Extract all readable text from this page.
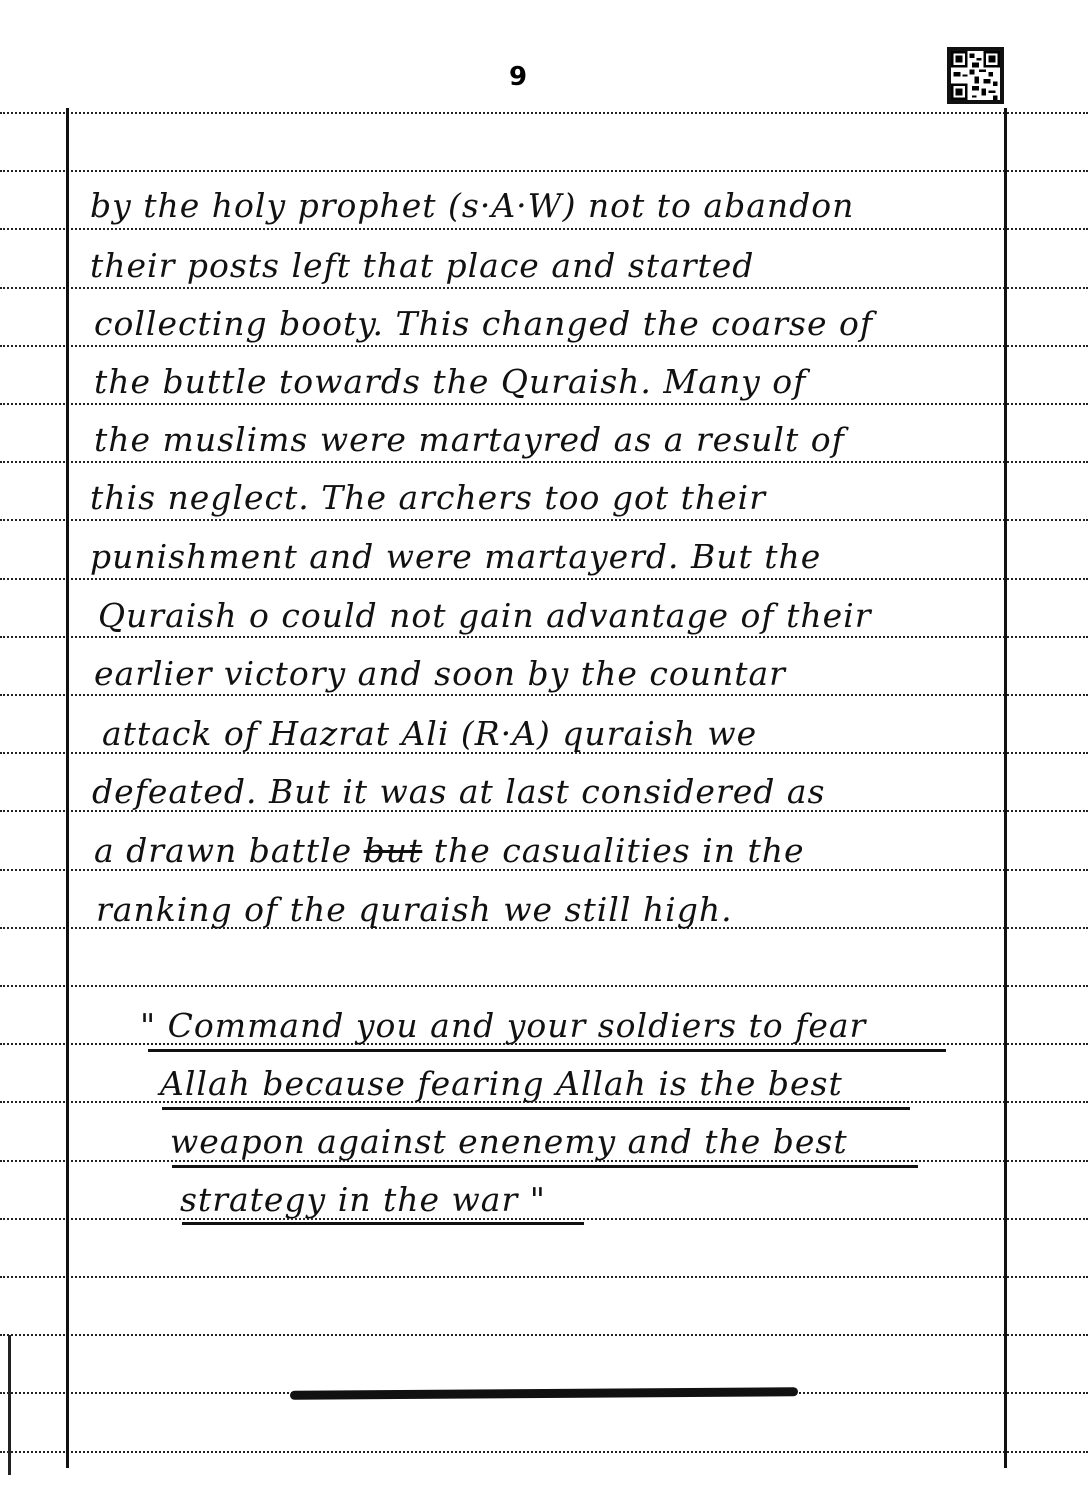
9
by the holy prophet (s·A·W) not to abandon
their posts left that place and started
collecting booty. This changed the coarse of
the buttle towards the Quraish. Many of
the muslims were martayred as a result of
this neglect. The archers too got their
punishment and were martayerd. But the
Quraish o could not gain advantage of their
earlier victory and soon by the countar
attack of Hazrat Ali (R·A) quraish we
defeated. But it was at last considered as
a drawn battle but the casualities in the
ranking of the quraish we still high.
" Command you and your soldiers to fear
Allah because fearing Allah is the best
weapon against enenemy and the best
strategy in the war "
